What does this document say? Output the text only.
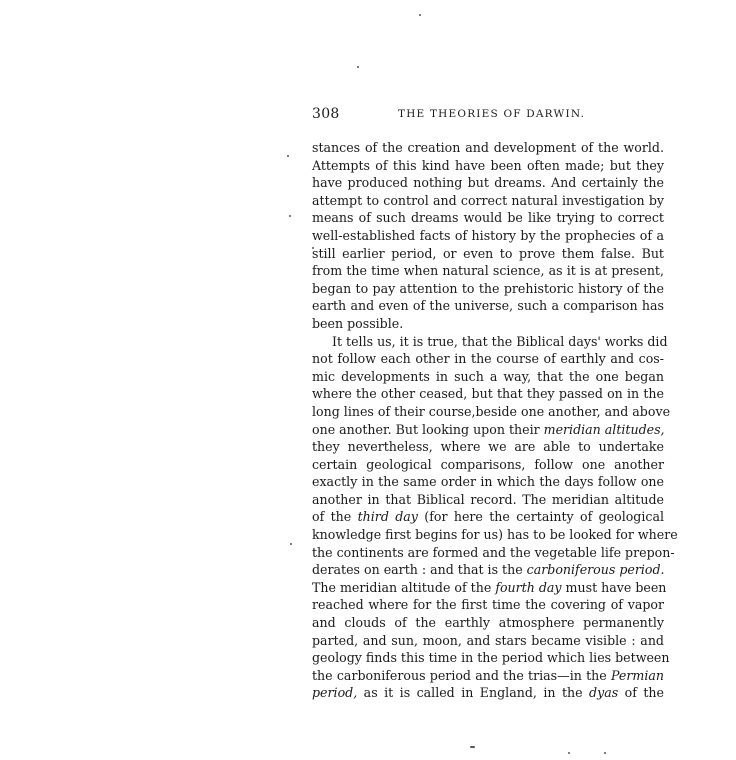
308	THE THEORIES OF DARWIN.
stances of the creation and development of the world.
Attempts of this kind have been often made; but they
have produced nothing but dreams. And certainly the
attempt to control and correct natural investigation by
means of such dreams would be like trying to correct
well-established facts of history by the prophecies of a
still earlier period, or even to prove them false. But
from the time when natural science, as it is at present,
began to pay attention to the prehistoric history of the
earth and even of the universe, such a comparison has
been possible.
It tells us, it is true, that the Biblical days' works did
not follow each other in the course of earthly and cos-
mic developments in such a way, that the one began
where the other ceased, but that they passed on in the
long lines of their course,beside one another, and above
one another. But looking upon their meridian altitudes,
they nevertheless, where we are able to undertake
certain geological comparisons, follow one another
exactly in the same order in which the days follow one
another in that Biblical record. The meridian altitude
of the third day (for here the certainty of geological
knowledge first begins for us) has to be looked for where
the continents are formed and the vegetable life prepon-
derates on earth : and that is the carboniferous period.
The meridian altitude of the fourth day must have been
reached where for the first time the covering of vapor
and clouds of the earthly atmosphere permanently
parted, and sun, moon, and stars became visible : and
geology finds this time in the period which lies between
the carboniferous period and the trias—in the Permian
period, as it is called in England, in the dyas of the
